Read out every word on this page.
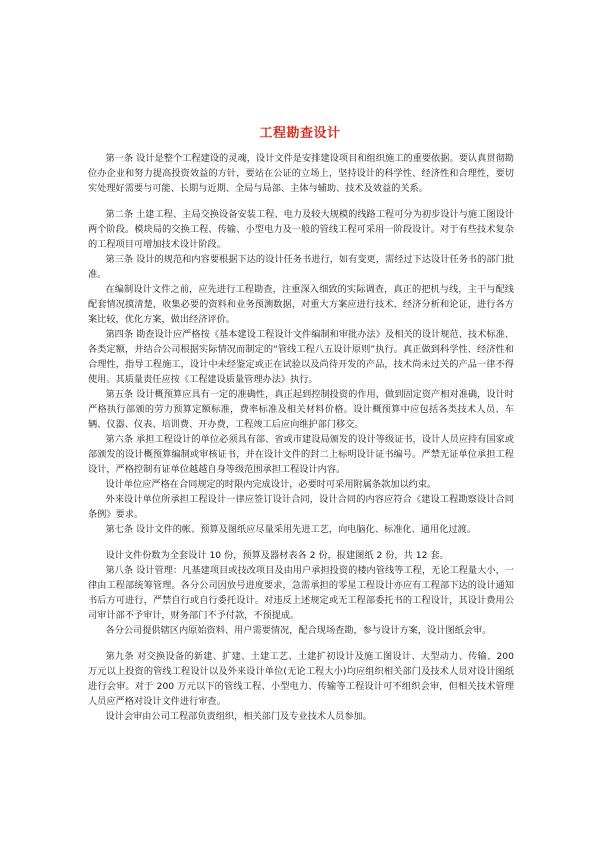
工程勘查设计

第一条 设计是整个工程建设的灵魂，设计文件是安排建设项目和组织施工的重要依据。要认真贯彻勘位办企业和努力提高投资效益的方针，要站在公证的立场上，坚持设计的科学性、经济性和合理性，要切实处理好需要与可能、长期与近期、全局与局部、主体与辅助、技术及效益的关系。

第二条 土建工程、主局交换设备安装工程、电力及较大规模的线路工程可分为初步设计与施工图设计两个阶段。模块局的交换工程、传输、小型电力及一般的管线工程可采用一阶段设计。对于有些技术复杂的工程项目可增加技术设计阶段。

第三条 设计的规范和内容要根据下达的设计任务书进行，如有变更，需经过下达设计任务书的部门批准。

在编制设计文件之前，应先进行工程勘查，注重深入细致的实际调查，真正的把机与线，主干与配线配套情况摸清楚，收集必要的资料和业务预测数据，对重大方案应进行技术、经济分析和论证，进行各方案比较，优化方案，做出经济评价。

第四条 勘查设计应严格按《基本建设工程设计文件编制和审批办法》及相关的设计规范、技术标准、各类定额，并结合公司根据实际情况而制定的“管线工程八五设计原则”执行。真正做到科学性、经济性和合理性，指导工程施工，设计中未经鉴定或正在试验以及尚待开发的产品，技术尚未过关的产品一律不得使用。其质量责任应按《工程建设质量管理办法》执行。

第五条 设计概预算应具有一定的准确性，真正起到控制投资的作用，做到固定资产相对准确，设计时严格执行部颁的劳力预算定额标准，费率标准及相关材料价格。设计概预算中应包括各类技术人员、车辆、仪器、仪表、培训费、开办费，工程竣工后应向维护部门移交。

第六条 承担工程设计的单位必须具有部、省或市建设局颁发的设计等级证书，设计人员应持有国家或部颁发的设计概预算编制或审核证书，并在设计文件的封二上标明设计证书编号。严禁无证单位承担工程设计，严格控制有证单位越越自身等级范围承担工程设计内容。

设计单位应严格在合同规定的时限内完成设计，必要时可采用附属条款加以约束。

外来设计单位所承担工程设计一律应签订设计合同，设计合同的内容应符合《建设工程勘察设计合同条例》要求。

第七条 设计文件的帐、预算及图纸应尽量采用先进工艺，向电脑化、标准化、通用化过渡。

设计文件份数为全套设计 10 份，预算及器材表各 2 份，报建图纸 2 份，共 12 套。

第八条 设计管理：凡基建项目或技改项目及由用户承担投资的楼内管线等工程，无论工程量大小，一律由工程部统筹管理。各分公司因放号进度要求，急需承担的零星工程设计亦应有工程部下达的设计通知书后方可进行，严禁自行或自行委托设计。对违反上述规定或无工程部委托书的工程设计，其设计费用公司审计部不予审计，财务部门不予付款，不预提成。

各分公司提供辖区内原始资料、用户需要情况，配合现场查勘，参与设计方案，设计图纸会审。

第九条 对交换设备的新建、扩建、土建工艺、土建扩初设计及施工图设计、大型动力、传输、200 万元以上投资的管线工程设计以及外来设计单位(无论工程大小)均应组织相关部门及技术人员对设计图纸进行会审。对于 200 万元以下的管线工程、小型电力、传输等工程设计可不组织会审，但相关技术管理人员应严格对设计文件进行审查。

设计会审由公司工程部负责组织，相关部门及专业技术人员参加。
